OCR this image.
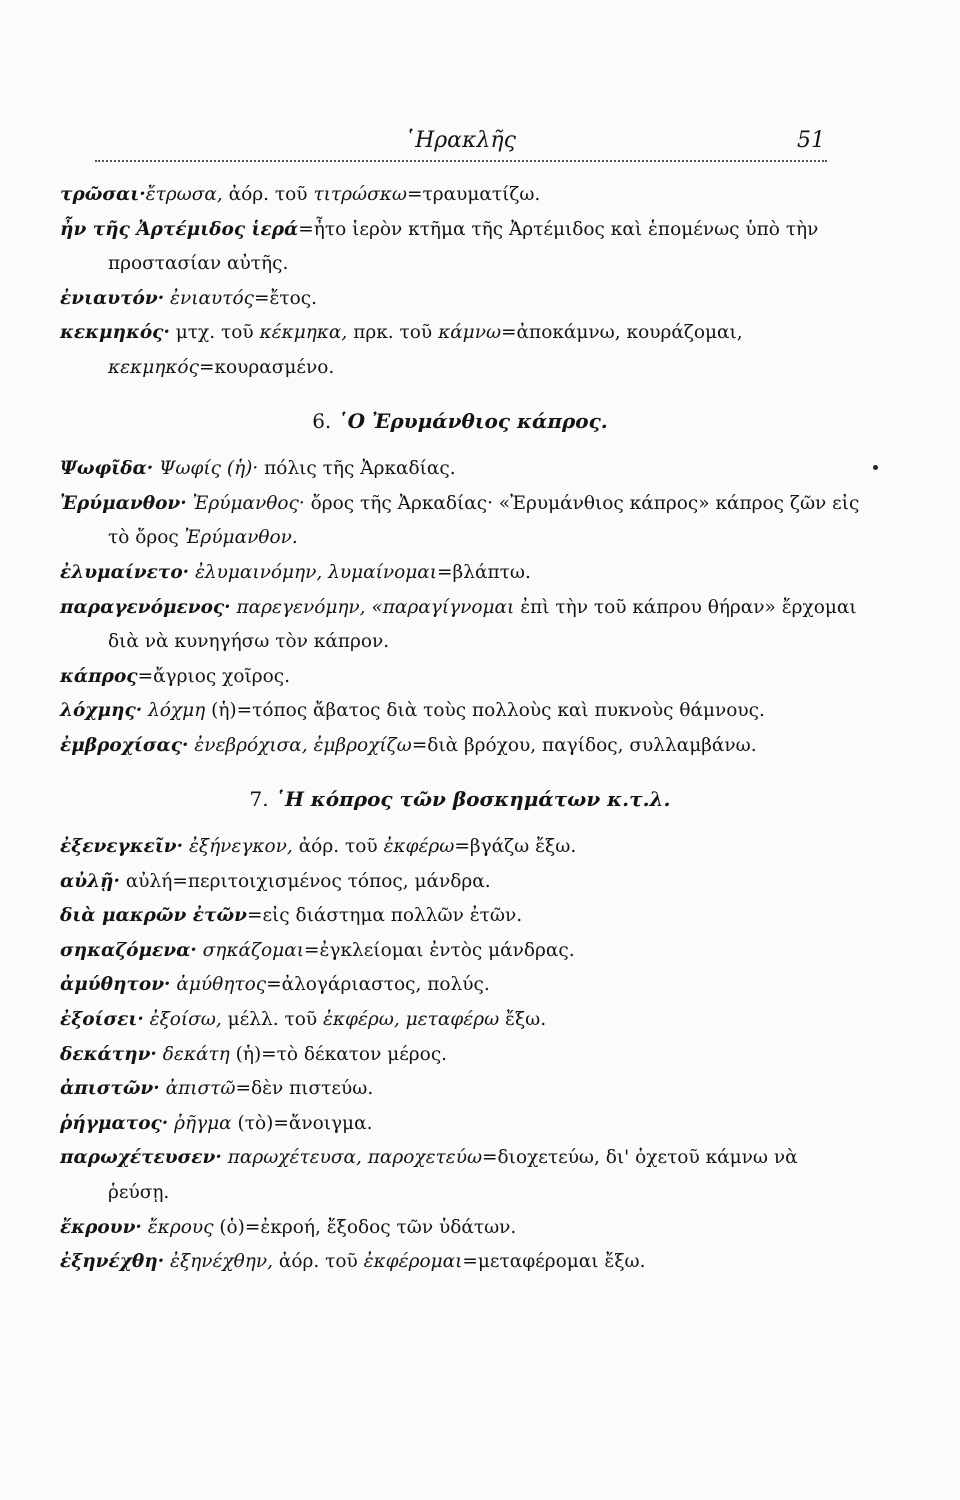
῾Ηρακλῆς	51

τρῶσαι·ἔτρωσα, ἀόρ. τοῦ τιτρώσκω=τραυματίζω.

ἦν τῆς Ἀρτέμιδος ἱερά=ἦτο ἱερὸν κτῆμα τῆς Ἀρτέμιδος καὶ ἑπομένως ὑπὸ τὴν προστασίαν αὐτῆς.

ἐνιαυτόν· ἐνιαυτός=ἔτος.

κεκμηκός· μτχ. τοῦ κέκμηκα, πρκ. τοῦ κάμνω=ἀποκάμνω, κουράζομαι, κεκμηκός=κουρασμένο.

6. ῾Ο Ἐρυμάνθιος κάπρος.

Ψωφῖδα· Ψωφίς (ἡ)· πόλις τῆς Ἀρκαδίας.

Ἐρύμανθον· Ἐρύμανθος· ὄρος τῆς Ἀρκαδίας· «Ἐρυμάνθιος κάπρος» κάπρος ζῶν εἰς τὸ ὄρος Ἐρύμανθον.

ἐλυμαίνετο· ἐλυμαινόμην, λυμαίνομαι=βλάπτω.

παραγενόμενος· παρεγενόμην, «παραγίγνομαι ἐπὶ τὴν τοῦ κάπρου θήραν» ἔρχομαι διὰ νὰ κυνηγήσω τὸν κάπρον.

κάπρος=ἄγριος χοῖρος.

λόχμης· λόχμη (ἡ)=τόπος ἄβατος διὰ τοὺς πολλοὺς καὶ πυκνοὺς θάμνους.

ἐμβροχίσας· ἐνεβρόχισα, ἐμβροχίζω=διὰ βρόχου, παγίδος, συλλαμβάνω.

7. ῾Η κόπρος τῶν βοσκημάτων κ.τ.λ.

ἐξενεγκεῖν· ἐξήνεγκον, ἀόρ. τοῦ ἐκφέρω=βγάζω ἔξω.

αὐλῇ· αὐλή=περιτοιχισμένος τόπος, μάνδρα.

διὰ μακρῶν ἐτῶν=εἰς διάστημα πολλῶν ἐτῶν.

σηκαζόμενα· σηκάζομαι=ἐγκλείομαι ἐντὸς μάνδρας.

ἀμύθητον· ἀμύθητος=ἀλογάριαστος, πολύς.

ἐξοίσει· ἐξοίσω, μέλλ. τοῦ ἐκφέρω, μεταφέρω ἔξω.

δεκάτην· δεκάτη (ἡ)=τὸ δέκατον μέρος.

ἀπιστῶν· ἀπιστῶ=δὲν πιστεύω.

ῥήγματος· ῥῆγμα (τὸ)=ἄνοιγμα.

παρωχέτευσεν· παρωχέτευσα, παροχετεύω=διοχετεύω, δι' ὀχετοῦ κάμνω νὰ ῥεύσῃ.

ἔκρουν· ἔκρους (ὁ)=ἐκροή, ἔξοδος τῶν ὑδάτων.

ἐξηνέχθη· ἐξηνέχθην, ἀόρ. τοῦ ἐκφέρομαι=μεταφέρομαι ἔξω.
